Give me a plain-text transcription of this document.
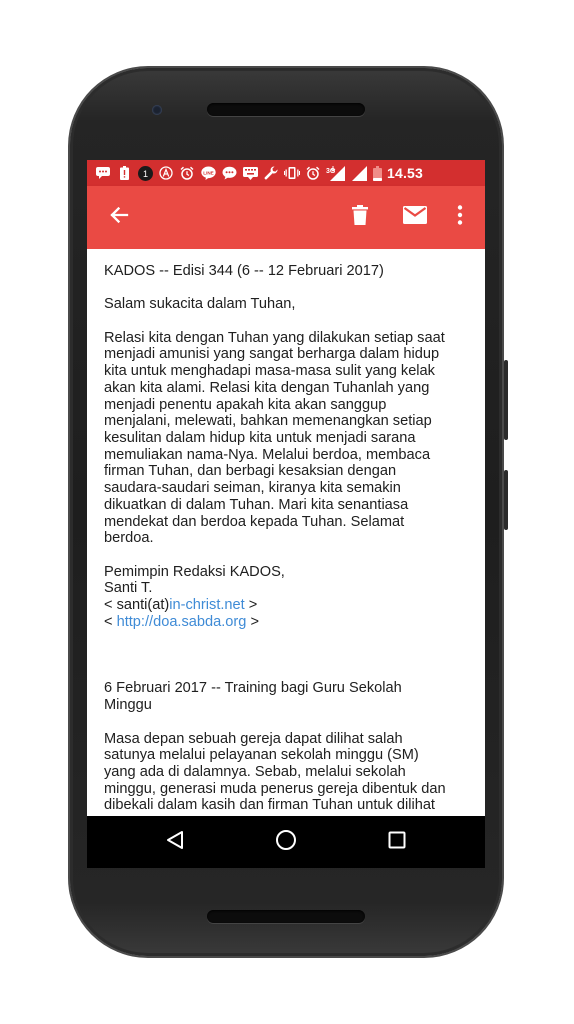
1	LINE	3G	14.53

KADOS -- Edisi 344 (6 -- 12 Februari 2017)

Salam sukacita dalam Tuhan,

Relasi kita dengan Tuhan yang dilakukan setiap saat
menjadi amunisi yang sangat berharga dalam hidup
kita untuk menghadapi masa-masa sulit yang kelak
akan kita alami. Relasi kita dengan Tuhanlah yang
menjadi penentu apakah kita akan sanggup
menjalani, melewati, bahkan memenangkan setiap
kesulitan dalam hidup kita untuk menjadi sarana
memuliakan nama-Nya. Melalui berdoa, membaca
firman Tuhan, dan berbagi kesaksian dengan
saudara-saudari seiman, kiranya kita semakin
dikuatkan di dalam Tuhan. Mari kita senantiasa
mendekat dan berdoa kepada Tuhan. Selamat
berdoa.

Pemimpin Redaksi KADOS,
Santi T.
< santi(at)in-christ.net >
< http://doa.sabda.org >

6 Februari 2017 -- Training bagi Guru Sekolah
Minggu

Masa depan sebuah gereja dapat dilihat salah
satunya melalui pelayanan sekolah minggu (SM)
yang ada di dalamnya. Sebab, melalui sekolah
minggu, generasi muda penerus gereja dibentuk dan
dibekali dalam kasih dan firman Tuhan untuk dilihat
